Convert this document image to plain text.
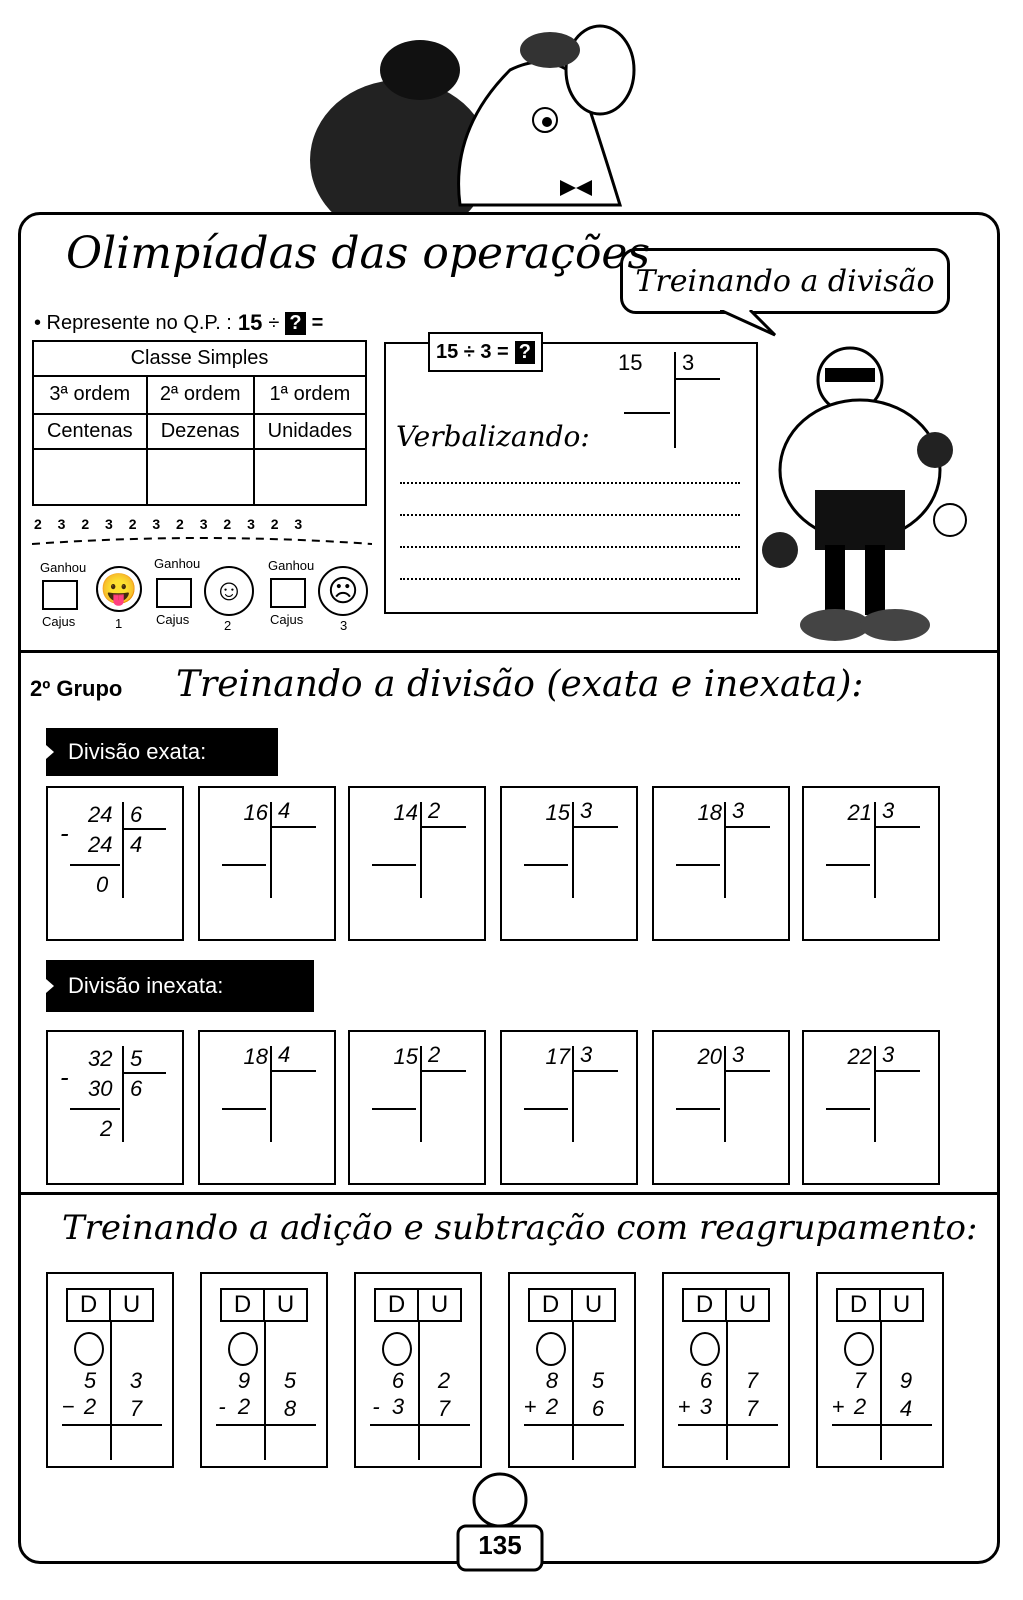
Olimpíadas das operações
Treinando a divisão
• Represente no Q.P. : 15 ÷ ? =
Classe Simples		
3ª ordem	2ª ordem	1ª ordem
Centenas	Dezenas	Unidades

15 ÷ 3 = ?	15 3
Verbalizando:
2 3 2 3 2 3 2 3 2 3 2 3
Ganhou
Cajus
😛
1
Ganhou
Cajus
☺
2
Ganhou
Cajus
☹
3
2º Grupo Treinando a divisão (exata e inexata):
Divisão exata:
24 6
- 24 4
0
16 4	14 2	15 3	18 3	21 3
Divisão inexata:
32 5
- 30 6
2
18 4	15 2	17 3	20 3	22 3
Treinando a adição e subtração com reagrupamento:
D	U
5 3
− 2 7
D	U
9 5
- 2 8
D	U
6 2
- 3 7
D	U
8 5
+ 2 6
D	U
6 7
+ 3 7
D	U
7 9
+ 2 4
135
